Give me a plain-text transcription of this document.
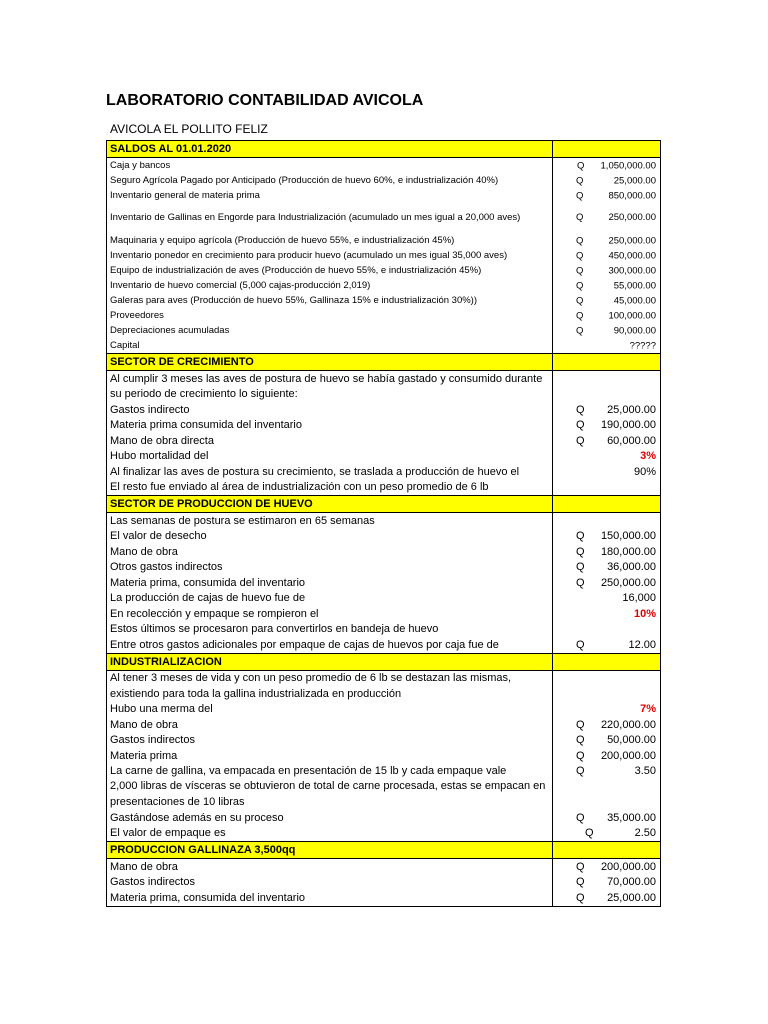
LABORATORIO CONTABILIDAD AVICOLA

AVICOLA EL POLLITO FELIZ

SALDOS AL 01.01.2020	
Caja y bancos	Q 1,050,000.00

Seguro Agrícola Pagado por Anticipado (Producción de huevo 60%, e industrialización 40%)	Q 25,000.00

Inventario general de materia prima	Q 850,000.00

Inventario de Gallinas en Engorde para Industrialización (acumulado un mes igual a 20,000 aves)	Q 250,000.00

Maquinaria y equipo agrícola (Producción de huevo 55%, e industrialización 45%)	Q 250,000.00

Inventario ponedor en crecimiento para producir huevo (acumulado un mes igual 35,000 aves)	Q 450,000.00

Equipo de industrialización de aves (Producción de huevo 55%, e industrialización 45%)	Q 300,000.00

Inventario de huevo comercial (5,000 cajas-producción 2,019)	Q 55,000.00

Galeras para aves (Producción de huevo 55%, Gallinaza 15% e industrialización 30%))	Q 45,000.00

Proveedores	Q 100,000.00

Depreciaciones acumuladas	Q 90,000.00

Capital	?????

SECTOR DE CRECIMIENTO	
Al cumplir 3 meses las aves de postura de huevo se había gastado y consumido durante	
su periodo de crecimiento lo siguiente:	
Gastos indirecto	Q 25,000.00

Materia prima consumida del inventario	Q 190,000.00

Mano de obra directa	Q 60,000.00

Hubo mortalidad del	3%

Al finalizar las aves de postura su crecimiento, se traslada a producción de huevo el	90%

El resto fue enviado al área de industrialización con un peso promedio de 6 lb	
SECTOR DE PRODUCCION DE HUEVO	
Las semanas de postura se estimaron en 65 semanas	
El valor de desecho	Q 150,000.00

Mano de obra	Q 180,000.00

Otros gastos indirectos	Q 36,000.00

Materia prima, consumida del inventario	Q 250,000.00

La producción de cajas de huevo fue de	16,000

En recolección y empaque se rompieron el	10%

Estos últimos se procesaron para convertirlos en bandeja de huevo	
Entre otros gastos adicionales por empaque de cajas de huevos por caja fue de	Q 12.00

INDUSTRIALIZACION	
Al tener 3 meses de vida y con un peso promedio de 6 lb se destazan las mismas,	
existiendo para toda la gallina industrializada en producción	
Hubo una merma del	7%

Mano de obra	Q 220,000.00

Gastos indirectos	Q 50,000.00

Materia prima	Q 200,000.00

La carne de gallina, va empacada en presentación de 15 lb y cada empaque vale	Q 3.50

2,000 libras de vísceras se obtuvieron de total de carne procesada, estas se empacan en presentaciones de 10 libras	
Gastándose además en su proceso	Q 35,000.00

El valor de empaque es	Q 2.50

PRODUCCION GALLINAZA 3,500qq	
Mano de obra	Q 200,000.00

Gastos indirectos	Q 70,000.00

Materia prima, consumida del inventario	Q 25,000.00
